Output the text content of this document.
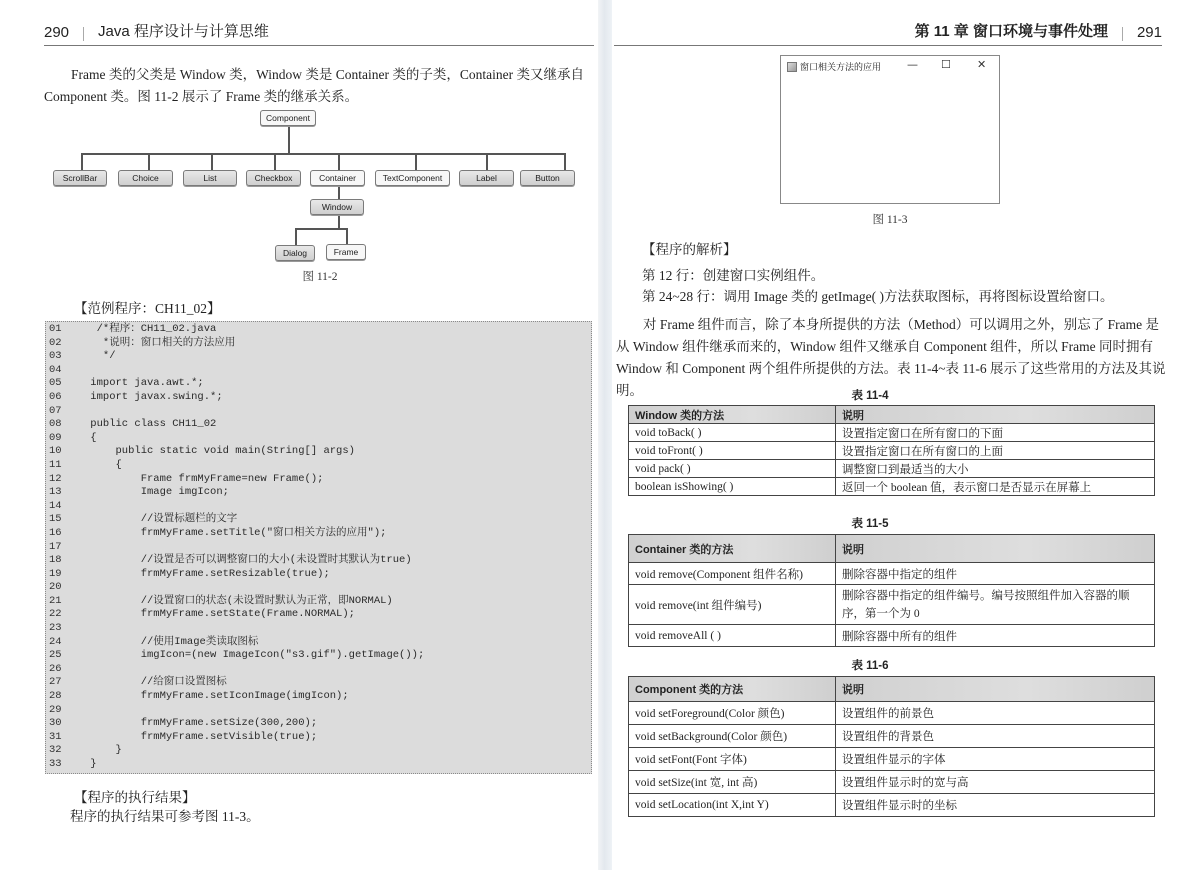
290 Java 程序设计与计算思维
Frame 类的父类是 Window 类，Window 类是 Container 类的子类，Container 类又继承自 Component 类。图 11-2 展示了 Frame 类的继承关系。
Component
ScrollBar	Choice	List	Checkbox	Container	TextComponent	Label	Button
Window
Dialog	Frame
图 11-2
【范例程序：CH11_02】
01	/*程序：CH11_02.java
02	*说明：窗口相关的方法应用
03	*/
04
05	import java.awt.*;
06	import javax.swing.*;
07
08	public class CH11_02
09	{
10	public static void main(String[] args)
11	{
12	Frame frmMyFrame=new Frame();
13	Image imgIcon;
14
15	//设置标题栏的文字
16	frmMyFrame.setTitle("窗口相关方法的应用");
17
18	//设置是否可以调整窗口的大小(未设置时其默认为true)
19	frmMyFrame.setResizable(true);
20
21	//设置窗口的状态(未设置时默认为正常，即NORMAL)
22	frmMyFrame.setState(Frame.NORMAL);
23
24	//使用Image类读取图标
25	imgIcon=(new ImageIcon("s3.gif").getImage());
26
27	//给窗口设置图标
28	frmMyFrame.setIconImage(imgIcon);
29
30	frmMyFrame.setSize(300,200);
31	frmMyFrame.setVisible(true);
32	}
33	}
【程序的执行结果】
程序的执行结果可参考图 11-3。
第 11 章 窗口环境与事件处理 291
窗口相关方法的应用 — ☐ ✕
图 11-3
【程序的解析】
第 12 行：创建窗口实例组件。
第 24~28 行：调用 Image 类的 getImage( )方法获取图标，再将图标设置给窗口。
对 Frame 组件而言，除了本身所提供的方法（Method）可以调用之外，别忘了 Frame 是从 Window 组件继承而来的，Window 组件又继承自 Component 组件，所以 Frame 同时拥有 Window 和 Component 两个组件所提供的方法。表 11-4~表 11-6 展示了这些常用的方法及其说明。	表 11-4
Window 类的方法	说明
void toBack( )	设置指定窗口在所有窗口的下面
void toFront( )	设置指定窗口在所有窗口的上面
void pack( )	调整窗口到最适当的大小
boolean isShowing( )	返回一个 boolean 值，表示窗口是否显示在屏幕上
表 11-5
Container 类的方法	说明
void remove(Component 组件名称)	删除容器中指定的组件
void remove(int 组件编号)	删除容器中指定的组件编号。编号按照组件加入容器的顺序，第一个为 0
void removeAll ( )	删除容器中所有的组件
表 11-6
Component 类的方法	说明
void setForeground(Color 颜色)	设置组件的前景色
void setBackground(Color 颜色)	设置组件的背景色
void setFont(Font 字体)	设置组件显示的字体
void setSize(int 宽, int 高)	设置组件显示时的宽与高
void setLocation(int X,int Y)	设置组件显示时的坐标
